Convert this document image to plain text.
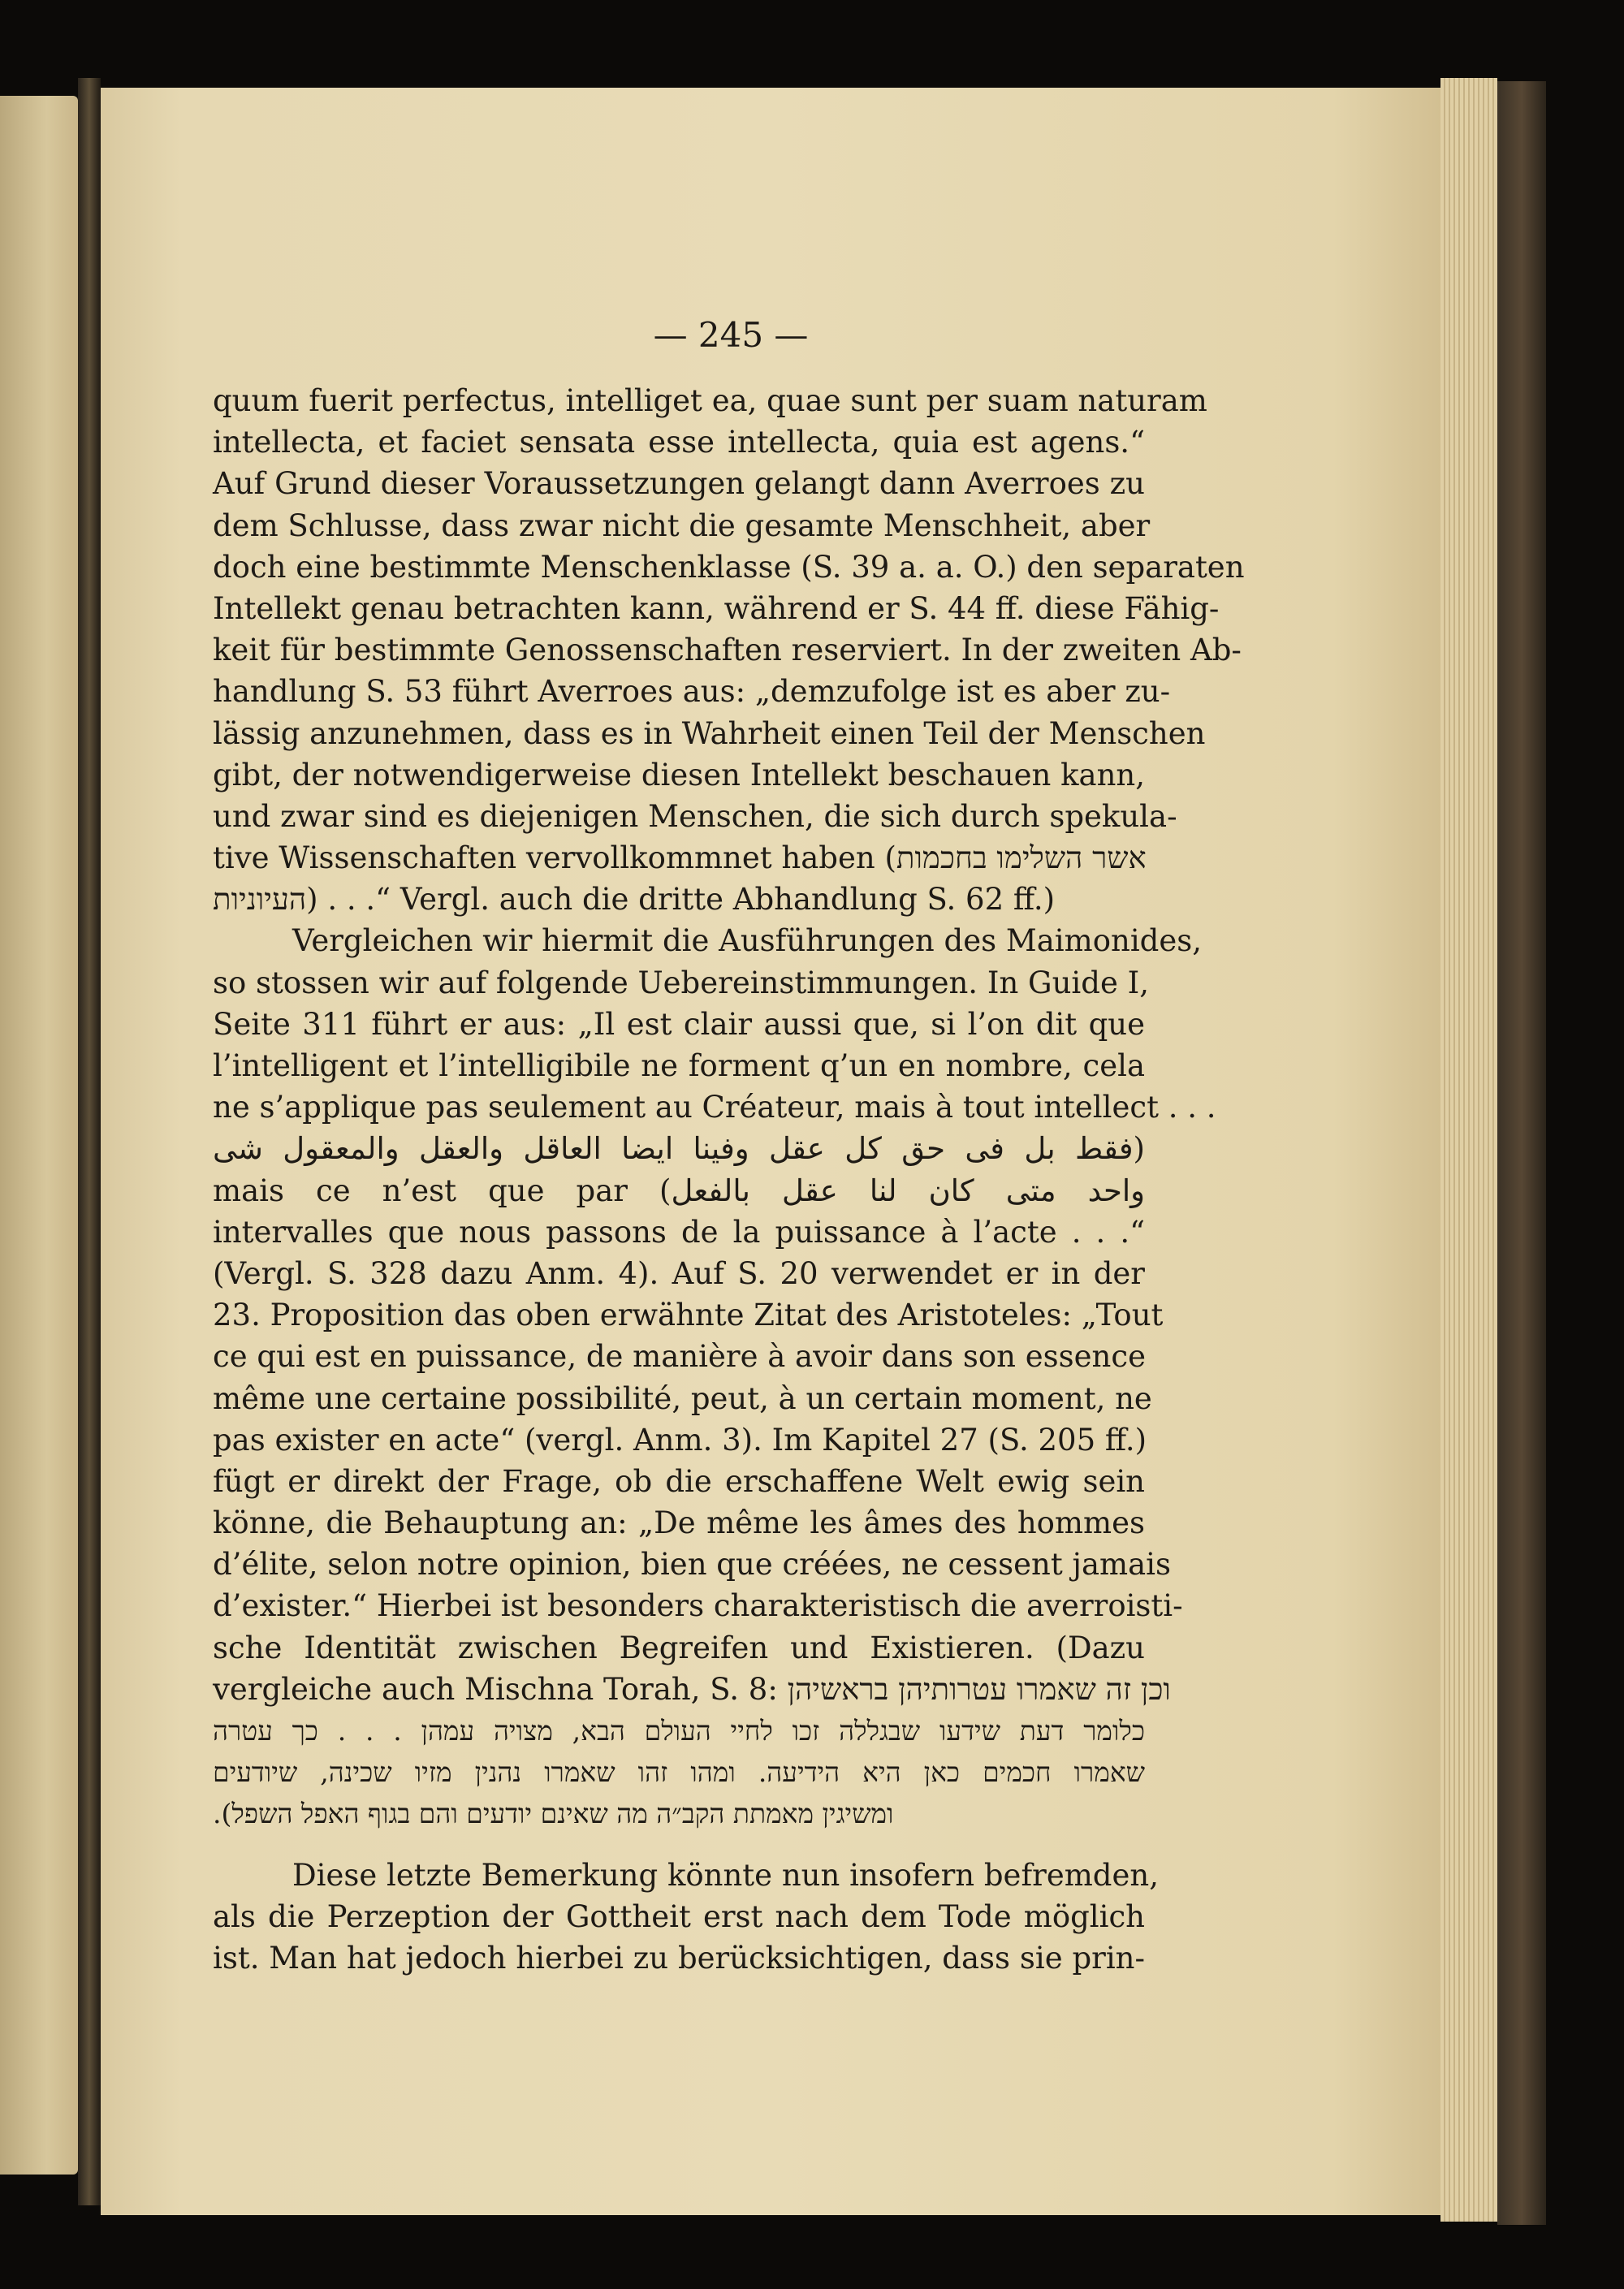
— 245 —
quum fuerit perfectus, intelliget ea, quae sunt per suam naturam
intellecta, et faciet sensata esse intellecta, quia est agens.“
Auf Grund dieser Voraussetzungen gelangt dann Averroes zu
dem Schlusse, dass zwar nicht die gesamte Menschheit, aber
doch eine bestimmte Menschenklasse (S. 39 a. a. O.) den separaten
Intellekt genau betrachten kann, während er S. 44 ff. diese Fähig-
keit für bestimmte Genossenschaften reserviert. In der zweiten Ab-
handlung S. 53 führt Averroes aus: „demzufolge ist es aber zu-
lässig anzunehmen, dass es in Wahrheit einen Teil der Menschen
gibt, der notwendigerweise diesen Intellekt beschauen kann,
und zwar sind es diejenigen Menschen, die sich durch spekula-
tive Wissenschaften vervollkommnet haben (אשר השלימו בחכמות
העיוניות) . . .“ Vergl. auch die dritte Abhandlung S. 62 ff.)
Vergleichen wir hiermit die Ausführungen des Maimonides,
so stossen wir auf folgende Uebereinstimmungen. In Guide I,
Seite 311 führt er aus: „Il est clair aussi que, si l’on dit que
l’intelligent et l’intelligibile ne forment q’un en nombre, cela
ne s’applique pas seulement au Créateur, mais à tout intellect . . .
(فقط بل فى حق كل عقل وفينا ايضا العاقل والعقل والمعقول شى
mais ce n’est que par (واحد متى كان لنا عقل بالفعل
intervalles que nous passons de la puissance à l’acte . . .“
(Vergl. S. 328 dazu Anm. 4). Auf S. 20 verwendet er in der
23. Proposition das oben erwähnte Zitat des Aristoteles: „Tout
ce qui est en puissance, de manière à avoir dans son essence
même une certaine possibilité, peut, à un certain moment, ne
pas exister en acte“ (vergl. Anm. 3). Im Kapitel 27 (S. 205 ff.)
fügt er direkt der Frage, ob die erschaffene Welt ewig sein
könne, die Behauptung an: „De même les âmes des hommes
d’élite, selon notre opinion, bien que créées, ne cessent jamais
d’exister.“ Hierbei ist besonders charakteristisch die averroisti-
sche Identität zwischen Begreifen und Existieren. (Dazu
vergleiche auch Mischna Torah, S. 8: וכן זה שאמרו עטרותיהן בראשיהן
כלומר דעת שידעו שבגללה זכו לחיי העולם הבא, מצויה עמהן . . . כך עטרה
שאמרו חכמים כאן היא הידיעה. ומהו זהו שאמרו נהנין מזיו שכינה, שיודעים
ומשיגין מאמתת הקב״ה מה שאינם יודעים והם בגוף האפל השפל).
Diese letzte Bemerkung könnte nun insofern befremden,
als die Perzeption der Gottheit erst nach dem Tode möglich
ist. Man hat jedoch hierbei zu berücksichtigen, dass sie prin-
